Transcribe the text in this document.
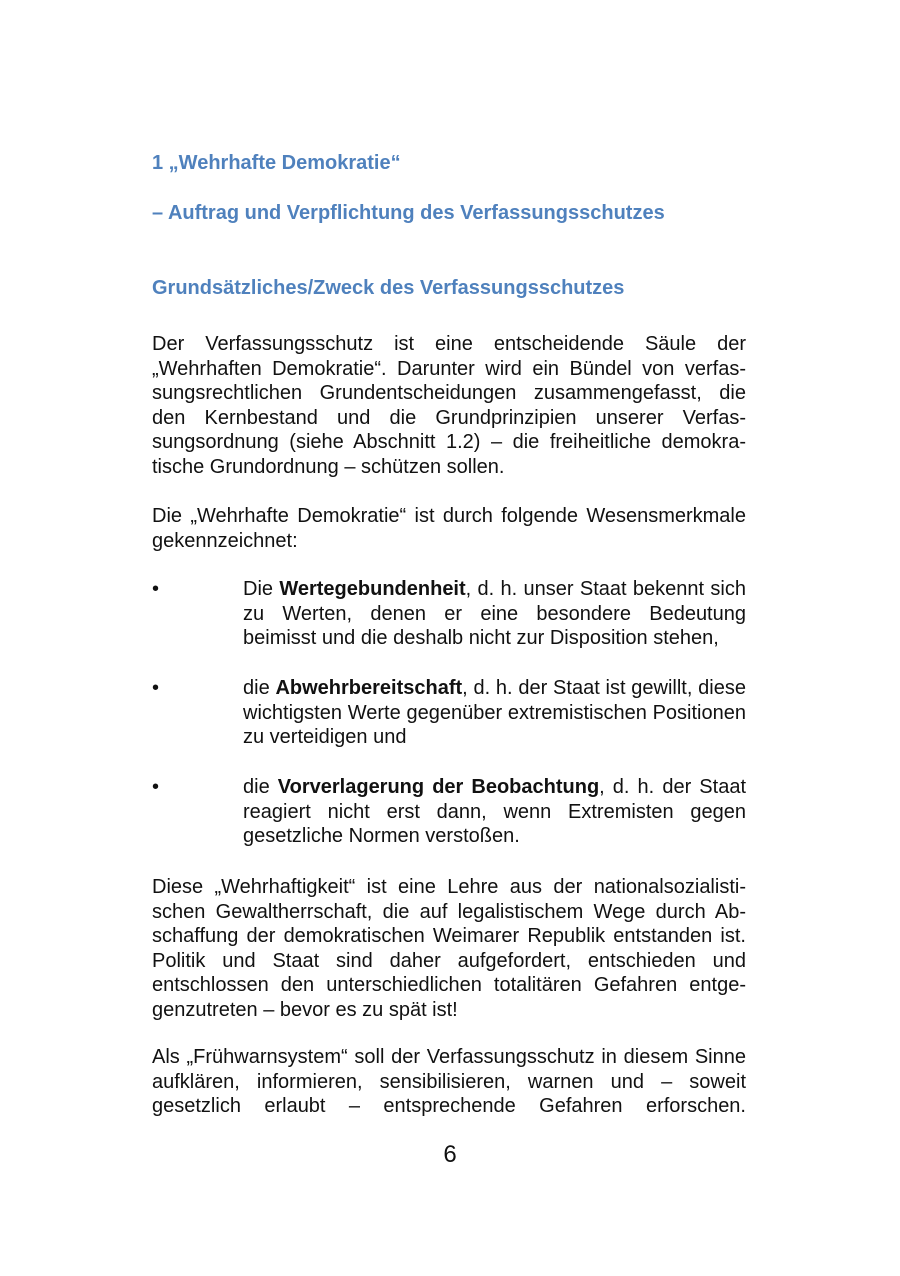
1 „Wehrhafte Demokratie“
– Auftrag und Verpflichtung des Verfassungsschutzes
Grundsätzliches/Zweck des Verfassungsschutzes

Der Verfassungsschutz ist eine entscheidende Säule der „Wehrhaften Demokratie“. Darunter wird ein Bündel von verfassungsrechtlichen Grundentscheidungen zusammengefasst, die den Kernbestand und die Grundprinzipien unserer Verfassungsordnung (siehe Abschnitt 1.2) – die freiheitliche demokratische Grundordnung – schützen sollen.

Die „Wehrhafte Demokratie“ ist durch folgende Wesensmerkmale gekennzeichnet:

•	Die Wertegebundenheit, d. h. unser Staat bekennt sich zu Werten, denen er eine besondere Bedeutung beimisst und die deshalb nicht zur Disposition stehen,

•	die Abwehrbereitschaft, d. h. der Staat ist gewillt, diese wichtigsten Werte gegenüber extremistischen Positionen zu verteidigen und

•	die Vorverlagerung der Beobachtung, d. h. der Staat reagiert nicht erst dann, wenn Extremisten gegen gesetzliche Normen verstoßen.

Diese „Wehrhaftigkeit“ ist eine Lehre aus der nationalsozialistischen Gewaltherrschaft, die auf legalistischem Wege durch Abschaffung der demokratischen Weimarer Republik entstanden ist. Politik und Staat sind daher aufgefordert, entschieden und entschlossen den unterschiedlichen totalitären Gefahren entgegenzutreten – bevor es zu spät ist!

Als „Frühwarnsystem“ soll der Verfassungsschutz in diesem Sinne aufklären, informieren, sensibilisieren, warnen und – soweit gesetzlich erlaubt – entsprechende Gefahren erforschen.

6
